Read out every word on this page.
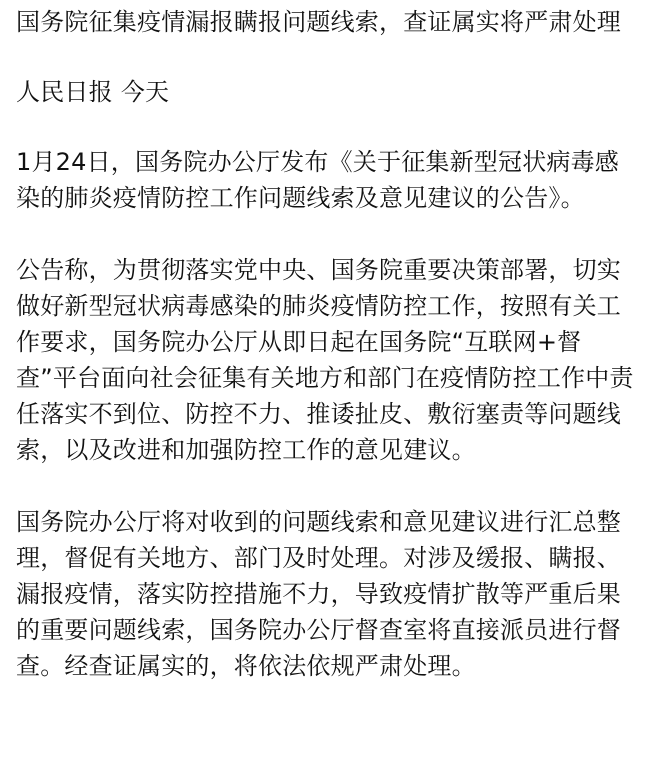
国务院征集疫情漏报瞒报问题线索，查证属实将严肃处理
人民日报 今天
1月24日，国务院办公厅发布《关于征集新型冠状病毒感染的肺炎疫情防控工作问题线索及意见建议的公告》。
公告称，为贯彻落实党中央、国务院重要决策部署，切实做好新型冠状病毒感染的肺炎疫情防控工作，按照有关工作要求，国务院办公厅从即日起在国务院“互联网+督查”平台面向社会征集有关地方和部门在疫情防控工作中责任落实不到位、防控不力、推诿扯皮、敷衍塞责等问题线索，以及改进和加强防控工作的意见建议。
国务院办公厅将对收到的问题线索和意见建议进行汇总整理，督促有关地方、部门及时处理。对涉及缓报、瞒报、漏报疫情，落实防控措施不力，导致疫情扩散等严重后果的重要问题线索，国务院办公厅督查室将直接派员进行督查。经查证属实的，将依法依规严肃处理。
